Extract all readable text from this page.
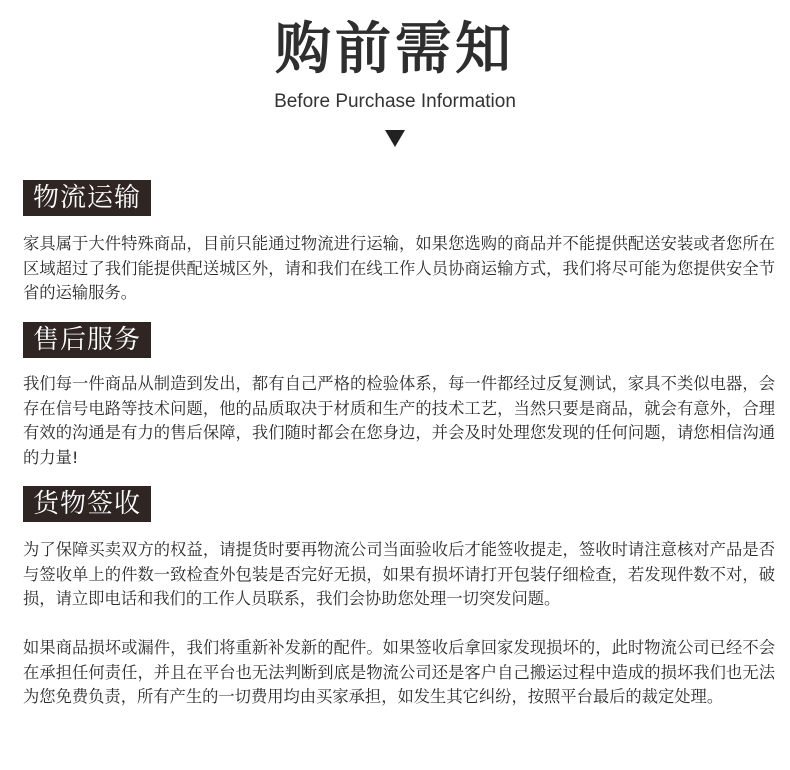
购前需知
Before Purchase Information
物流运输

家具属于大件特殊商品，目前只能通过物流进行运输，如果您选购的商品并不能提供配送安装或者您所在区域超过了我们能提供配送城区外，请和我们在线工作人员协商运输方式，我们将尽可能为您提供安全节省的运输服务。

售后服务

我们每一件商品从制造到发出，都有自己严格的检验体系，每一件都经过反复测试，家具不类似电器，会存在信号电路等技术问题，他的品质取决于材质和生产的技术工艺，当然只要是商品，就会有意外，合理有效的沟通是有力的售后保障，我们随时都会在您身边，并会及时处理您发现的任何问题，请您相信沟通的力量!

货物签收

为了保障买卖双方的权益，请提货时要再物流公司当面验收后才能签收提走，签收时请注意核对产品是否与签收单上的件数一致检查外包装是否完好无损，如果有损坏请打开包装仔细检查，若发现件数不对，破损，请立即电话和我们的工作人员联系，我们会协助您处理一切突发问题。

如果商品损坏或漏件，我们将重新补发新的配件。如果签收后拿回家发现损坏的，此时物流公司已经不会在承担任何责任，并且在平台也无法判断到底是物流公司还是客户自己搬运过程中造成的损坏我们也无法为您免费负责，所有产生的一切费用均由买家承担，如发生其它纠纷，按照平台最后的裁定处理。
